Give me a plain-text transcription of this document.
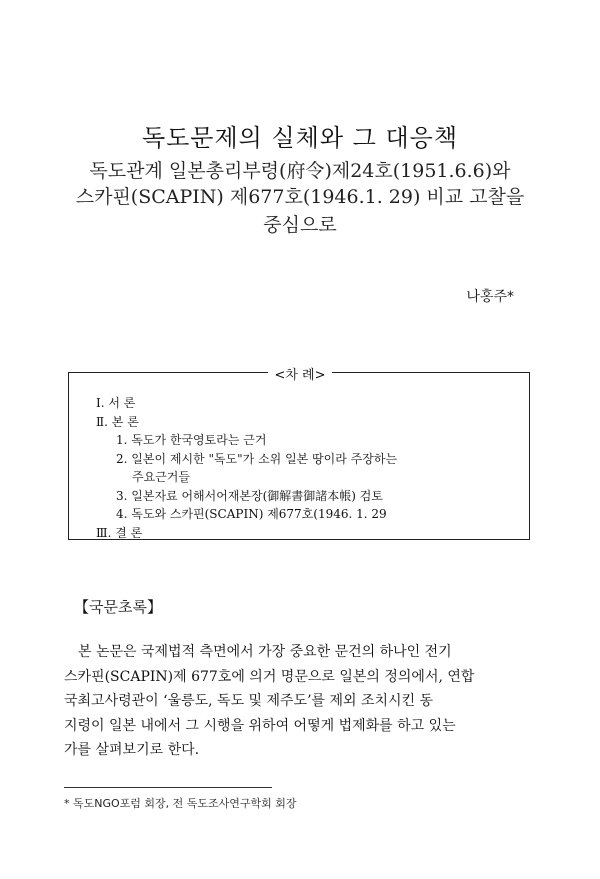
독도문제의 실체와 그 대응책
독도관계 일본총리부령(府令)제24호(1951.6.6)와
스카핀(SCAPIN) 제677호(1946.1. 29) 비교 고찰을
중심으로
나홍주*
<차 례>
Ⅰ. 서 론
Ⅱ. 본 론
1. 독도가 한국영토라는 근거
2. 일본이 제시한 "독도"가 소위 일본 땅이라 주장하는
주요근거들
3. 일본자료 어해서어재본장(御解書御諸本帳) 검토
4. 독도와 스카핀(SCAPIN) 제677호(1946. 1. 29
Ⅲ. 결 론
【국문초록】

본 논문은 국제법적 측면에서 가장 중요한 문건의 하나인 전기

스카핀(SCAPIN)제 677호에 의거 명문으로 일본의 정의에서, 연합

국최고사령관이 ‘울릉도, 독도 및 제주도’를 제외 조치시킨 동

지령이 일본 내에서 그 시행을 위하여 어떻게 법제화를 하고 있는

가를 살펴보기로 한다.

* 독도NGO포럼 회장, 전 독도조사연구학회 회장
